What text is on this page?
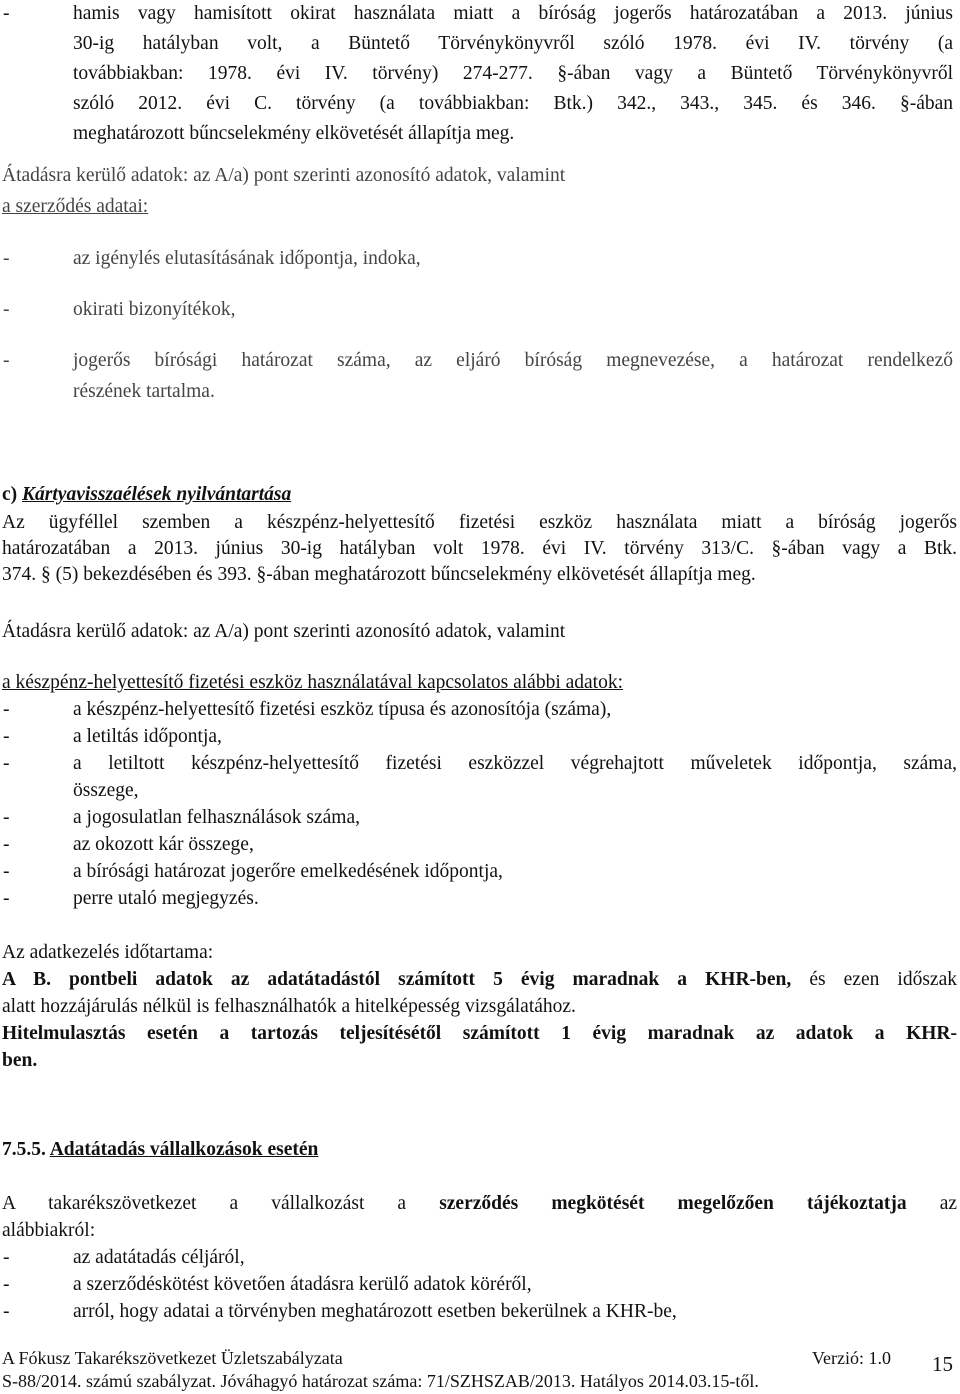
-	hamis vagy hamisított okirat használata miatt a bíróság jogerős határozatában a 2013. június
30-ig hatályban volt, a Büntető Törvénykönyvről szóló 1978. évi IV. törvény (a
továbbiakban: 1978. évi IV. törvény) 274-277. §-ában vagy a Büntető Törvénykönyvről
szóló 2012. évi C. törvény (a továbbiakban: Btk.) 342., 343., 345. és 346. §-ában
meghatározott bűncselekmény elkövetését állapítja meg.
Átadásra kerülő adatok: az A/a) pont szerinti azonosító adatok, valamint
a szerződés adatai:
-	az igénylés elutasításának időpontja, indoka,
-	okirati bizonyítékok,
-	jogerős bírósági határozat száma, az eljáró bíróság megnevezése, a határozat rendelkező
részének tartalma.
c) Kártyavisszaélések nyilvántartása
Az ügyféllel szemben a készpénz-helyettesítő fizetési eszköz használata miatt a bíróság jogerős
határozatában a 2013. június 30-ig hatályban volt 1978. évi IV. törvény 313/C. §-ában vagy a Btk.
374. § (5) bekezdésében és 393. §-ában meghatározott bűncselekmény elkövetését állapítja meg.
Átadásra kerülő adatok: az A/a) pont szerinti azonosító adatok, valamint
a készpénz-helyettesítő fizetési eszköz használatával kapcsolatos alábbi adatok:
-	a készpénz-helyettesítő fizetési eszköz típusa és azonosítója (száma),
-	a letiltás időpontja,
-	a letiltott készpénz-helyettesítő fizetési eszközzel végrehajtott műveletek időpontja, száma,
összege,
-	a jogosulatlan felhasználások száma,
-	az okozott kár összege,
-	a bírósági határozat jogerőre emelkedésének időpontja,
-	perre utaló megjegyzés.
Az adatkezelés időtartama:
A B. pontbeli adatok az adatátadástól számított 5 évig maradnak a KHR-ben, és ezen időszak
alatt hozzájárulás nélkül is felhasználhatók a hitelképesség vizsgálatához.
Hitelmulasztás esetén a tartozás teljesítésétől számított 1 évig maradnak az adatok a KHR-
ben.
7.5.5. Adatátadás vállalkozások esetén
A takarékszövetkezet a vállalkozást a szerződés megkötését megelőzően tájékoztatja az
alábbiakról:
-	az adatátadás céljáról,
-	a szerződéskötést követően átadásra kerülő adatok köréről,
-	arról, hogy adatai a törvényben meghatározott esetben bekerülnek a KHR-be,
A Fókusz Takarékszövetkezet Üzletszabályzata	Verzió: 1.0 15
S-88/2014. számú szabályzat. Jóváhagyó határozat száma: 71/SZHSZAB/2013. Hatályos 2014.03.15-től.
